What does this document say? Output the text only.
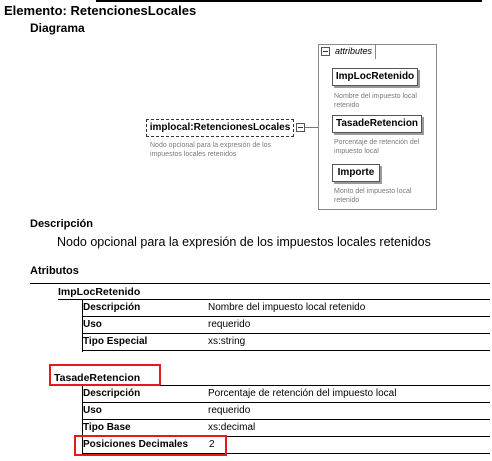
Elemento: RetencionesLocales
Diagrama
implocal:RetencionesLocales
Nodo opcional para la expresión de los impuestos locales retenidos
attributes
ImpLocRetenido
Nombre del impuesto local retenido
TasadeRetencion
Porcentaje de retención del impuesto local
Importe
Monto del impuesto local retenido
Descripción
Nodo opcional para la expresión de los impuestos locales retenidos
Atributos
ImpLocRetenido
Descripción	Nombre del impuesto local retenido
Uso	requerido
Tipo Especial	xs:string
TasadeRetencion
Descripción	Porcentaje de retención del impuesto local
Uso	requerido
Tipo Base	xs:decimal
Posiciones Decimales 2
